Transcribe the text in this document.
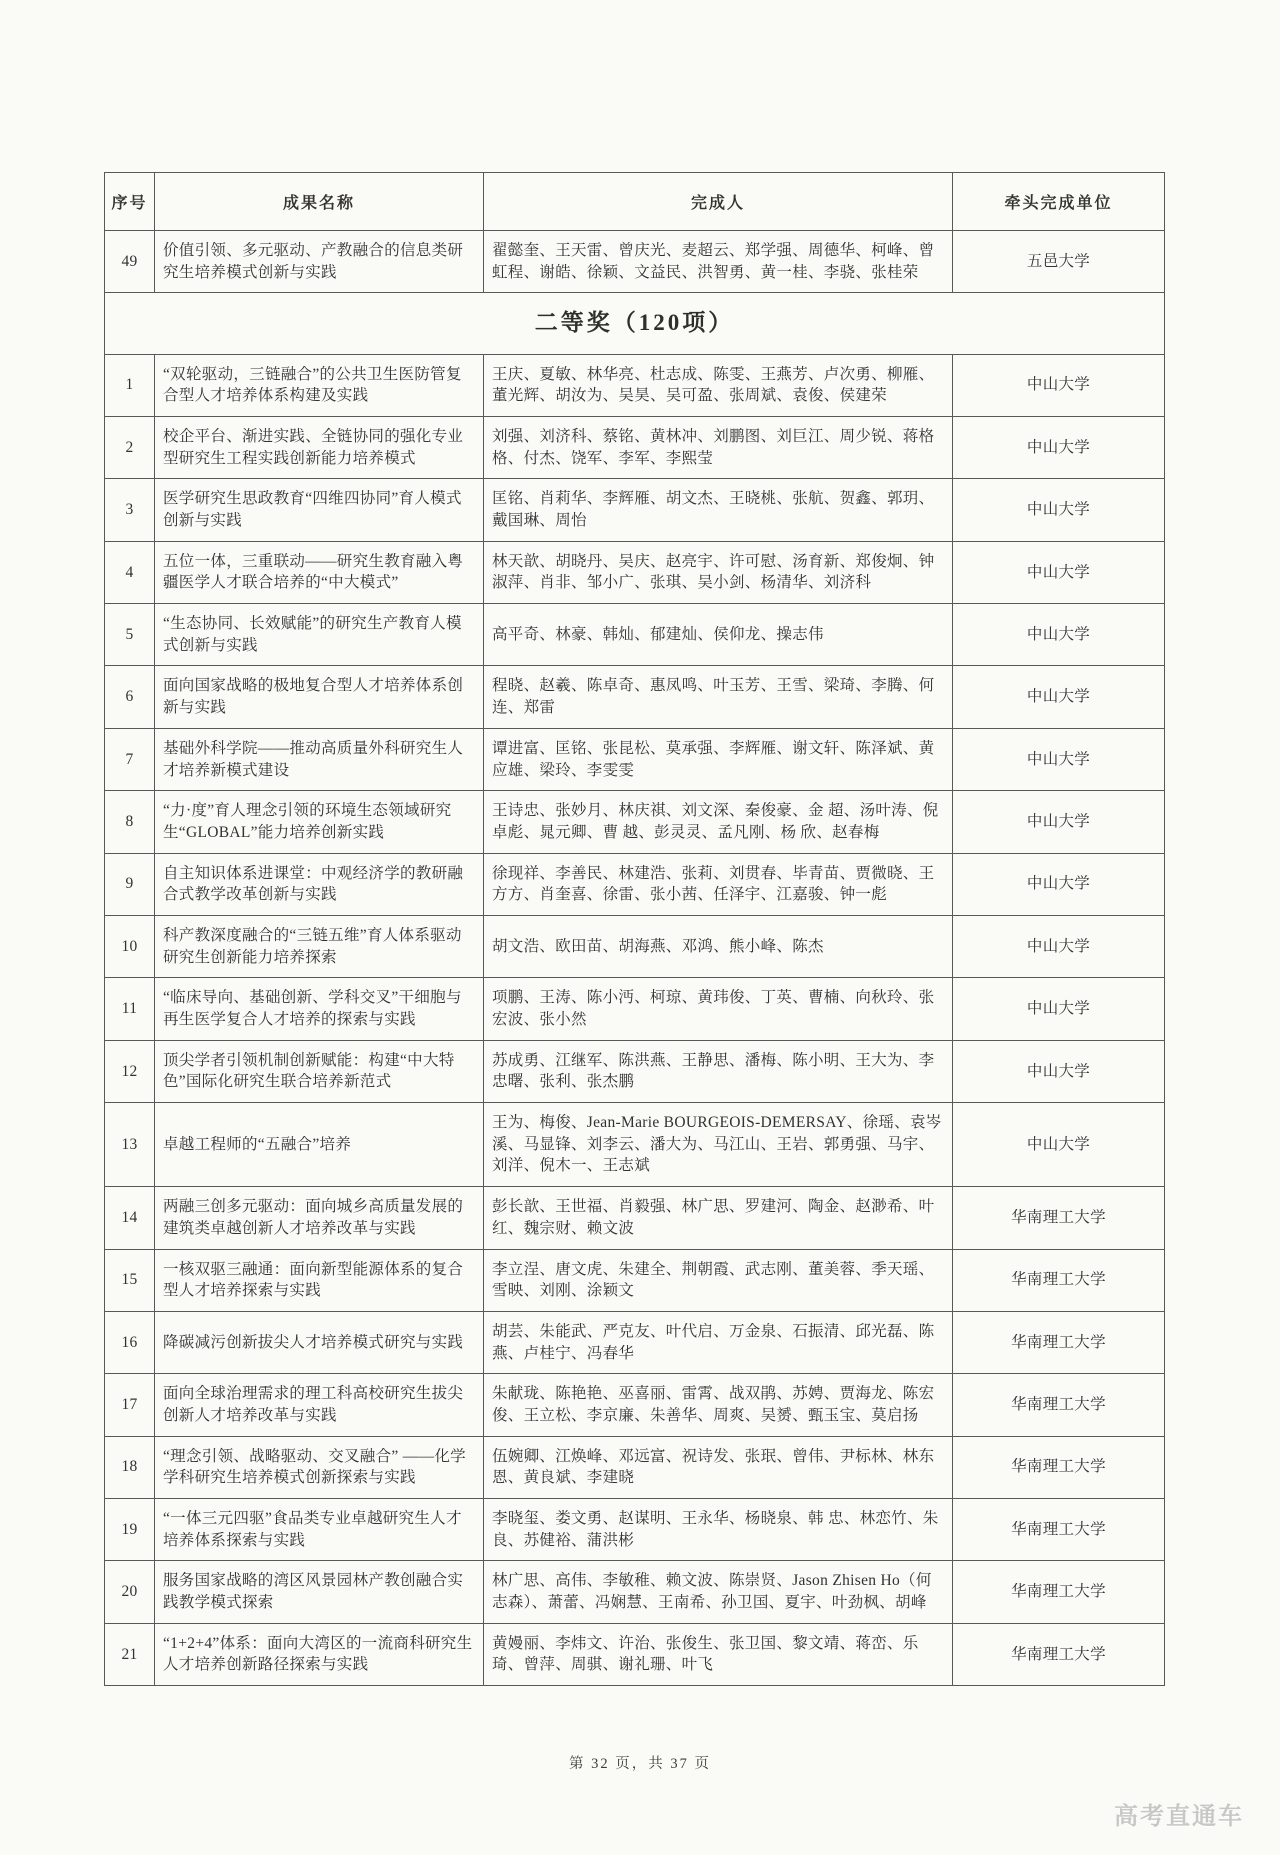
序号	成果名称	完成人	牵头完成单位
49	价值引领、多元驱动、产教融合的信息类研究生培养模式创新与实践	翟懿奎、王天雷、曾庆光、麦超云、郑学强、周德华、柯峰、曾虹程、谢皓、徐颖、文益民、洪智勇、黄一桂、李骁、张桂荣	五邑大学
二等奖（120项）			
1	“双轮驱动，三链融合”的公共卫生医防管复合型人才培养体系构建及实践	王庆、夏敏、林华亮、杜志成、陈雯、王燕芳、卢次勇、柳雁、董光辉、胡汝为、吴昊、吴可盈、张周斌、袁俊、侯建荣	中山大学
2	校企平台、渐进实践、全链协同的强化专业型研究生工程实践创新能力培养模式	刘强、刘济科、蔡铭、黄林冲、刘鹏图、刘巨江、周少锐、蒋格格、付杰、饶军、李军、李熙莹	中山大学
3	医学研究生思政教育“四维四协同”育人模式创新与实践	匡铭、肖莉华、李辉雁、胡文杰、王晓桃、张航、贺鑫、郭玥、戴国琳、周怡	中山大学
4	五位一体，三重联动——研究生教育融入粤疆医学人才联合培养的“中大模式”	林天歆、胡晓丹、吴庆、赵亮宇、许可慰、汤育新、郑俊炯、钟淑萍、肖非、邹小广、张琪、吴小剑、杨清华、刘济科	中山大学
5	“生态协同、长效赋能”的研究生产教育人模式创新与实践	高平奇、林豪、韩灿、郁建灿、侯仰龙、操志伟	中山大学
6	面向国家战略的极地复合型人才培养体系创新与实践	程晓、赵羲、陈卓奇、惠凤鸣、叶玉芳、王雪、梁琦、李腾、何连、郑雷	中山大学
7	基础外科学院——推动高质量外科研究生人才培养新模式建设	谭进富、匡铭、张昆松、莫承强、李辉雁、谢文轩、陈泽斌、黄应雄、梁玲、李雯雯	中山大学
8	“力·度”育人理念引领的环境生态领域研究生“GLOBAL”能力培养创新实践	王诗忠、张妙月、林庆祺、刘文深、秦俊豪、金 超、汤叶涛、倪卓彪、晁元卿、曹 越、彭灵灵、孟凡刚、杨 欣、赵春梅	中山大学
9	自主知识体系进课堂：中观经济学的教研融合式教学改革创新与实践	徐现祥、李善民、林建浩、张莉、刘贯春、毕青苗、贾微晓、王方方、肖奎喜、徐雷、张小茜、任泽宇、江嘉骏、钟一彪	中山大学
10	科产教深度融合的“三链五维”育人体系驱动研究生创新能力培养探索	胡文浩、欧田苗、胡海燕、邓鸿、熊小峰、陈杰	中山大学
11	“临床导向、基础创新、学科交叉”干细胞与再生医学复合人才培养的探索与实践	项鹏、王涛、陈小沔、柯琼、黄玮俊、丁英、曹楠、向秋玲、张宏波、张小然	中山大学
12	顶尖学者引领机制创新赋能：构建“中大特色”国际化研究生联合培养新范式	苏成勇、江继军、陈洪燕、王静思、潘梅、陈小明、王大为、李忠曙、张利、张杰鹏	中山大学
13	卓越工程师的“五融合”培养	王为、梅俊、Jean-Marie BOURGEOIS-DEMERSAY、徐瑶、袁岑溪、马显锋、刘李云、潘大为、马江山、王岩、郭勇强、马宇、刘洋、倪木一、王志斌	中山大学
14	两融三创多元驱动：面向城乡高质量发展的建筑类卓越创新人才培养改革与实践	彭长歆、王世福、肖毅强、林广思、罗建河、陶金、赵渺希、叶红、魏宗财、赖文波	华南理工大学
15	一核双驱三融通：面向新型能源体系的复合型人才培养探索与实践	李立浧、唐文虎、朱建全、荆朝霞、武志刚、董美蓉、季天瑶、雪映、刘刚、涂颖文	华南理工大学
16	降碳减污创新拔尖人才培养模式研究与实践	胡芸、朱能武、严克友、叶代启、万金泉、石振清、邱光磊、陈燕、卢桂宁、冯春华	华南理工大学
17	面向全球治理需求的理工科高校研究生拔尖创新人才培养改革与实践	朱献珑、陈艳艳、巫喜丽、雷霄、战双鹃、苏娉、贾海龙、陈宏俊、王立松、李京廉、朱善华、周爽、吴赟、甄玉宝、莫启扬	华南理工大学
18	“理念引领、战略驱动、交叉融合” ——化学学科研究生培养模式创新探索与实践	伍婉卿、江焕峰、邓远富、祝诗发、张珉、曾伟、尹标林、林东恩、黄良斌、李建晓	华南理工大学
19	“一体三元四驱”食品类专业卓越研究生人才培养体系探索与实践	李晓玺、娄文勇、赵谋明、王永华、杨晓泉、韩 忠、林恋竹、朱 良、苏健裕、蒲洪彬	华南理工大学
20	服务国家战略的湾区风景园林产教创融合实践教学模式探索	林广思、高伟、李敏稚、赖文波、陈崇贤、Jason Zhisen Ho（何志森）、萧蕾、冯娴慧、王南希、孙卫国、夏宇、叶劲枫、胡峰	华南理工大学
21	“1+2+4”体系：面向大湾区的一流商科研究生人才培养创新路径探索与实践	黄嫚丽、李炜文、许治、张俊生、张卫国、黎文靖、蒋峦、乐琦、曾萍、周骐、谢礼珊、叶飞	华南理工大学
第 32 页，共 37 页
高考直通车
